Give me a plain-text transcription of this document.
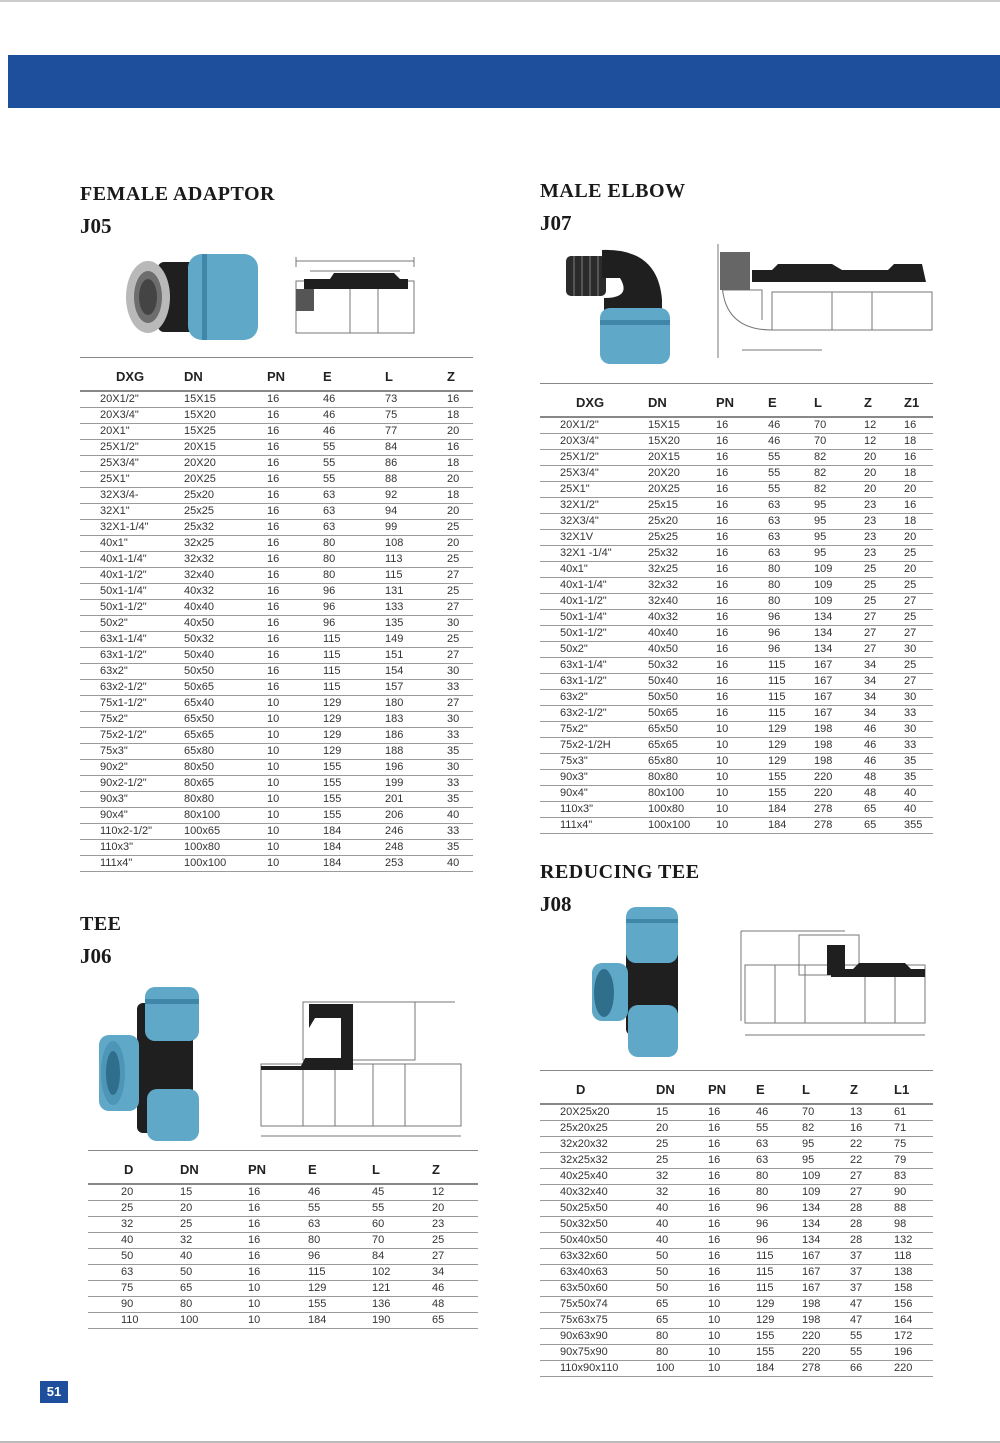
FEMALE ADAPTOR
J05
DXG	DN	PN	E	L	Z
20X1/2"	15X15	16	46	73	16
20X3/4"	15X20	16	46	75	18
20X1"	15X25	16	46	77	20
25X1/2"	20X15	16	55	84	16
25X3/4"	20X20	16	55	86	18
25X1"	20X25	16	55	88	20
32X3/4-	25x20	16	63	92	18
32X1"	25x25	16	63	94	20
32X1-1/4"	25x32	16	63	99	25
40x1"	32x25	16	80	108	20
40x1-1/4"	32x32	16	80	113	25
40x1-1/2"	32x40	16	80	115	27
50x1-1/4"	40x32	16	96	131	25
50x1-1/2"	40x40	16	96	133	27
50x2"	40x50	16	96	135	30
63x1-1/4"	50x32	16	115	149	25
63x1-1/2"	50x40	16	115	151	27
63x2"	50x50	16	115	154	30
63x2-1/2"	50x65	16	115	157	33
75x1-1/2"	65x40	10	129	180	27
75x2"	65x50	10	129	183	30
75x2-1/2"	65x65	10	129	186	33
75x3"	65x80	10	129	188	35
90x2"	80x50	10	155	196	30
90x2-1/2"	80x65	10	155	199	33
90x3"	80x80	10	155	201	35
90x4"	80x100	10	155	206	40
110x2-1/2"	100x65	10	184	246	33
110x3"	100x80	10	184	248	35
111x4"	100x100	10	184	253	40
MALE ELBOW
J07
DXG	DN	PN	E	L	Z	Z1
20X1/2"	15X15	16	46	70	12	16
20X3/4"	15X20	16	46	70	12	18
25X1/2"	20X15	16	55	82	20	16
25X3/4"	20X20	16	55	82	20	18
25X1"	20X25	16	55	82	20	20
32X1/2"	25x15	16	63	95	23	16
32X3/4"	25x20	16	63	95	23	18
32X1V	25x25	16	63	95	23	20
32X1 -1/4"	25x32	16	63	95	23	25
40x1"	32x25	16	80	109	25	20
40x1-1/4"	32x32	16	80	109	25	25
40x1-1/2"	32x40	16	80	109	25	27
50x1-1/4"	40x32	16	96	134	27	25
50x1-1/2"	40x40	16	96	134	27	27
50x2"	40x50	16	96	134	27	30
63x1-1/4"	50x32	16	115	167	34	25
63x1-1/2"	50x40	16	115	167	34	27
63x2"	50x50	16	115	167	34	30
63x2-1/2"	50x65	16	115	167	34	33
75x2"	65x50	10	129	198	46	30
75x2-1/2H	65x65	10	129	198	46	33
75x3"	65x80	10	129	198	46	35
90x3"	80x80	10	155	220	48	35
90x4"	80x100	10	155	220	48	40
110x3"	100x80	10	184	278	65	40
111x4"	100x100	10	184	278	65	355
TEE
J06
D	DN	PN	E	L	Z
20	15	16	46	45	12
25	20	16	55	55	20
32	25	16	63	60	23
40	32	16	80	70	25
50	40	16	96	84	27
63	50	16	115	102	34
75	65	10	129	121	46
90	80	10	155	136	48
110	100	10	184	190	65
REDUCING TEE
J08
D	DN	PN	E	L	Z	L1
20X25x20	15	16	46	70	13	61
25x20x25	20	16	55	82	16	71
32x20x32	25	16	63	95	22	75
32x25x32	25	16	63	95	22	79
40x25x40	32	16	80	109	27	83
40x32x40	32	16	80	109	27	90
50x25x50	40	16	96	134	28	88
50x32x50	40	16	96	134	28	98
50x40x50	40	16	96	134	28	132
63x32x60	50	16	115	167	37	118
63x40x63	50	16	115	167	37	138
63x50x60	50	16	115	167	37	158
75x50x74	65	10	129	198	47	156
75x63x75	65	10	129	198	47	164
90x63x90	80	10	155	220	55	172
90x75x90	80	10	155	220	55	196
110x90x110	100	10	184	278	66	220
51
